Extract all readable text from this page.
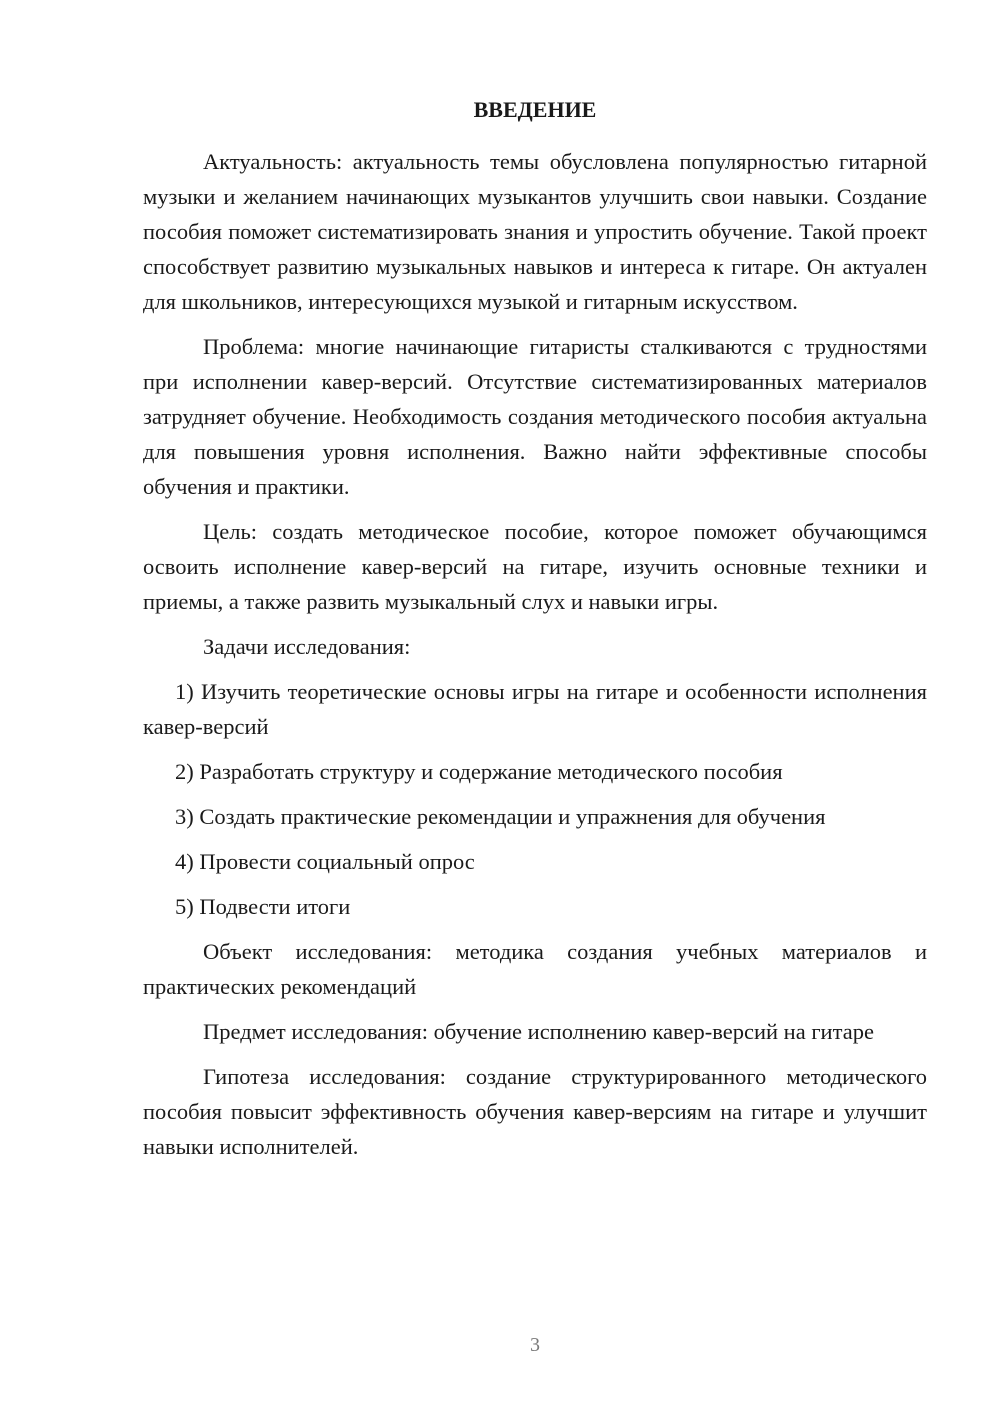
ВВЕДЕНИЕ

Актуальность: актуальность темы обусловлена популярностью гитарной музыки и желанием начинающих музыкантов улучшить свои навыки. Создание пособия поможет систематизировать знания и упростить обучение. Такой проект способствует развитию музыкальных навыков и интереса к гитаре. Он актуален для школьников, интересующихся музыкой и гитарным искусством.

Проблема: многие начинающие гитаристы сталкиваются с трудностями при исполнении кавер-версий. Отсутствие систематизированных материалов затрудняет обучение. Необходимость создания методического пособия актуальна для повышения уровня исполнения. Важно найти эффективные способы обучения и практики.

Цель: создать методическое пособие, которое поможет обучающимся освоить исполнение кавер-версий на гитаре, изучить основные техники и приемы, а также развить музыкальный слух и навыки игры.

Задачи исследования:

1) Изучить теоретические основы игры на гитаре и особенности исполнения кавер-версий

2) Разработать структуру и содержание методического пособия

3) Создать практические рекомендации и упражнения для обучения

4) Провести социальный опрос

5) Подвести итоги

Объект исследования: методика создания учебных материалов и практических рекомендаций

Предмет исследования: обучение исполнению кавер-версий на гитаре

Гипотеза исследования: создание структурированного методического пособия повысит эффективность обучения кавер-версиям на гитаре и улучшит навыки исполнителей.

3
